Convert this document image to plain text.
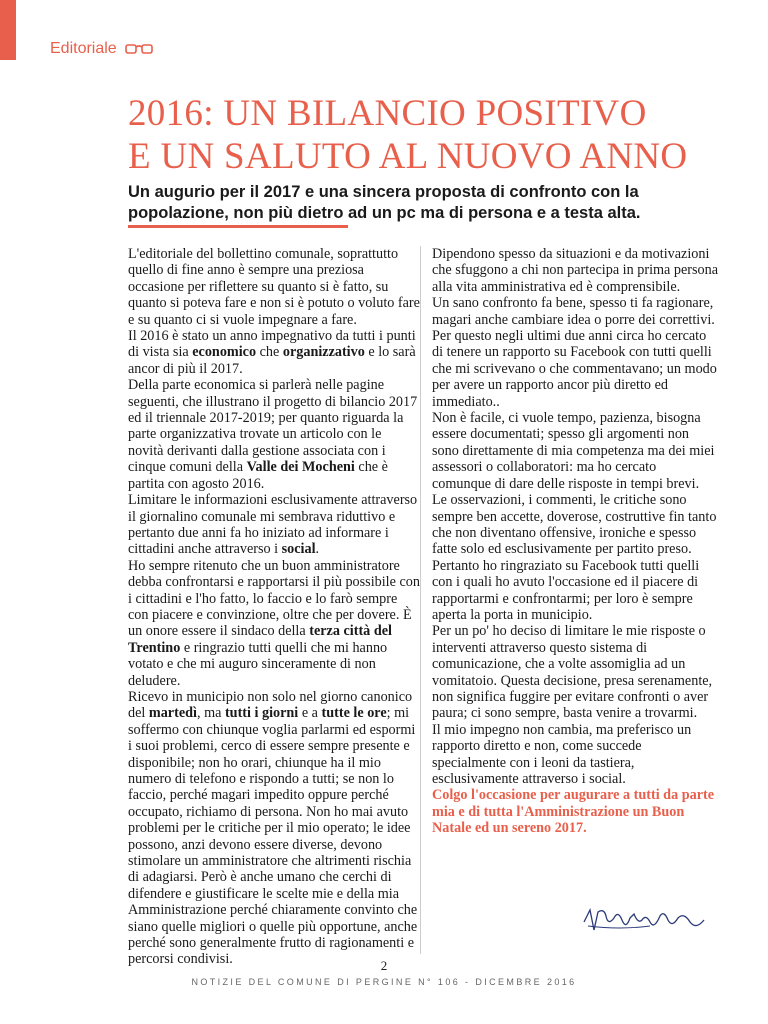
Editoriale
2016: UN BILANCIO POSITIVO
E UN SALUTO AL NUOVO ANNO

Un augurio per il 2017 e una sincera proposta di confronto con la popolazione, non più dietro ad un pc ma di persona e a testa alta.

L'editoriale del bollettino comunale, soprattutto quello di fine anno è sempre una preziosa occasione per riflettere su quanto si è fatto, su quanto si poteva fare e non si è potuto o voluto fare e su quanto ci si vuole impegnare a fare.

Il 2016 è stato un anno impegnativo da tutti i punti di vista sia economico che organizzativo e lo sarà ancor di più il 2017.

Della parte economica si parlerà nelle pagine seguenti, che illustrano il progetto di bilancio 2017 ed il triennale 2017-2019; per quanto riguarda la parte organizzativa trovate un articolo con le novità derivanti dalla gestione associata con i cinque comuni della Valle dei Mocheni che è partita con agosto 2016.

Limitare le informazioni esclusivamente attraverso il giornalino comunale mi sembrava riduttivo e pertanto due anni fa ho iniziato ad informare i cittadini anche attraverso i social.

Ho sempre ritenuto che un buon amministratore debba confrontarsi e rapportarsi il più possibile con i cittadini e l'ho fatto, lo faccio e lo farò sempre con piacere e convinzione, oltre che per dovere. È un onore essere il sindaco della terza città del Trentino e ringrazio tutti quelli che mi hanno votato e che mi auguro sinceramente di non deludere.

Ricevo in municipio non solo nel giorno canonico del martedì, ma tutti i giorni e a tutte le ore; mi soffermo con chiunque voglia parlarmi ed espormi i suoi problemi, cerco di essere sempre presente e disponibile; non ho orari, chiunque ha il mio numero di telefono e rispondo a tutti; se non lo faccio, perché magari impedito oppure perché occupato, richiamo di persona. Non ho mai avuto problemi per le critiche per il mio operato; le idee possono, anzi devono essere diverse, devono stimolare un amministratore che altrimenti rischia di adagiarsi. Però è anche umano che cerchi di difendere e giustificare le scelte mie e della mia Amministrazione perché chiaramente convinto che siano quelle migliori o quelle più opportune, anche perché sono generalmente frutto di ragionamenti e percorsi condivisi.

Dipendono spesso da situazioni e da motivazioni che sfuggono a chi non partecipa in prima persona alla vita amministrativa ed è comprensibile.

Un sano confronto fa bene, spesso ti fa ragionare, magari anche cambiare idea o porre dei correttivi.

Per questo negli ultimi due anni circa ho cercato di tenere un rapporto su Facebook con tutti quelli che mi scrivevano o che commentavano; un modo per avere un rapporto ancor più diretto ed immediato..

Non è facile, ci vuole tempo, pazienza, bisogna essere documentati; spesso gli argomenti non sono direttamente di mia competenza ma dei miei assessori o collaboratori: ma ho cercato comunque di dare delle risposte in tempi brevi.

Le osservazioni, i commenti, le critiche sono sempre ben accette, doverose, costruttive fin tanto che non diventano offensive, ironiche e spesso fatte solo ed esclusivamente per partito preso. Pertanto ho ringraziato su Facebook tutti quelli con i quali ho avuto l'occasione ed il piacere di rapportarmi e confrontarmi; per loro è sempre aperta la porta in municipio.

Per un po' ho deciso di limitare le mie risposte o interventi attraverso questo sistema di comunicazione, che a volte assomiglia ad un vomitatoio. Questa decisione, presa serenamente, non significa fuggire per evitare confronti o aver paura; ci sono sempre, basta venire a trovarmi.

Il mio impegno non cambia, ma preferisco un rapporto diretto e non, come succede specialmente con i leoni da tastiera, esclusivamente attraverso i social.

Colgo l'occasione per augurare a tutti da parte mia e di tutta l'Amministrazione un Buon Natale ed un sereno 2017.

2
NOTIZIE DEL COMUNE DI PERGINE N° 106 - DICEMBRE 2016
